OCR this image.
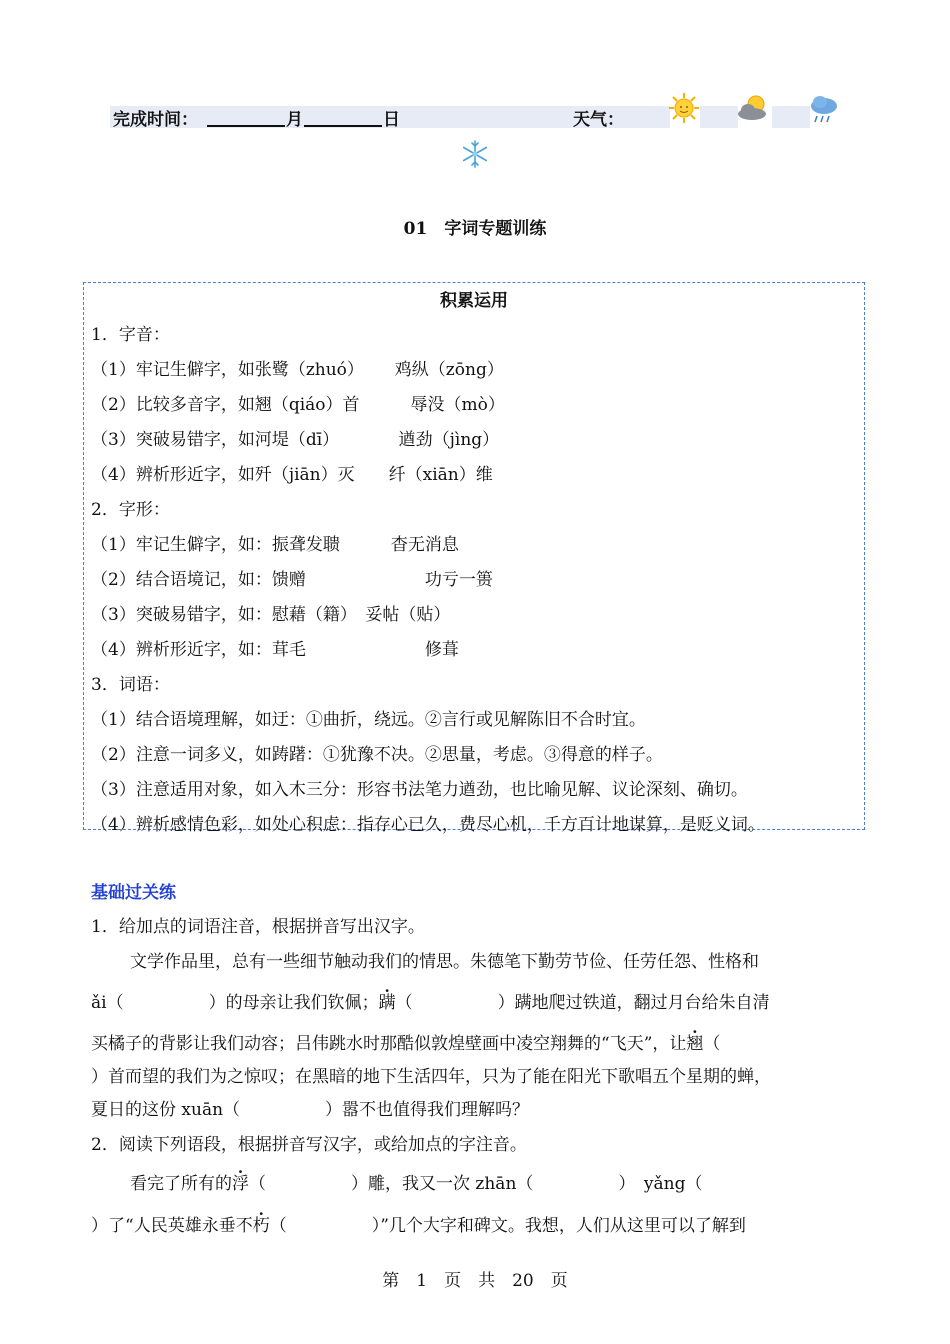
完成时间：	月	日	天气：
01　字词专题训练
积累运用
1．字音：
（1）牢记生僻字，如张鹭（zhuó）　　 鸡纵（zōng）
（2）比较多音字，如翘（qiáo）首　　　辱没（mò）
（3）突破易错字，如河堤（dī）　　　　遒劲（jìng）
（4）辨析形近字，如歼（jiān）灭　　纤（xiān）维
2．字形：
（1）牢记生僻字，如：振聋发聩　　　杳无消息
（2）结合语境记，如：馈赠　　　　　　　功亏一篑
（3）突破易错字，如：慰藉（籍）　妥帖（贴）
（4）辨析形近字，如：茸毛　　　　　　　修葺
3．词语：
（1）结合语境理解，如迂：①曲折，绕远。②言行或见解陈旧不合时宜。
（2）注意一词多义，如踌躇：①犹豫不决。②思量，考虑。③得意的样子。
（3）注意适用对象，如入木三分：形容书法笔力遒劲，也比喻见解、议论深刻、确切。
（4）辨析感情色彩，如处心积虑：指存心已久，费尽心机，千方百计地谋算，是贬义词。
基础过关练
1．给加点的词语注音，根据拼音写出汉字。
文学作品里，总有一些细节触动我们的情思。朱德笔下勤劳节俭、任劳任怨、性格和
ǎi（　　　　　）的母亲让我们钦佩；蹒（　　　　　）蹒地爬过铁道，翻过月台给朱自清
买橘子的背影让我们动容；吕伟跳水时那酷似敦煌壁画中凌空翔舞的“飞天”，让翘（
）首而望的我们为之惊叹；在黑暗的地下生活四年，只为了能在阳光下歌唱五个星期的蝉，
夏日的这份 xuān（　　　　　）嚣不也值得我们理解吗？
2．阅读下列语段，根据拼音写汉字，或给加点的字注音。
看完了所有的浮（　　　　　）雕，我又一次 zhān（　　　　　）　yǎng（
）了“人民英雄永垂不朽（　　　　　）”几个大字和碑文。我想，人们从这里可以了解到
第　1　页　共　20　页
